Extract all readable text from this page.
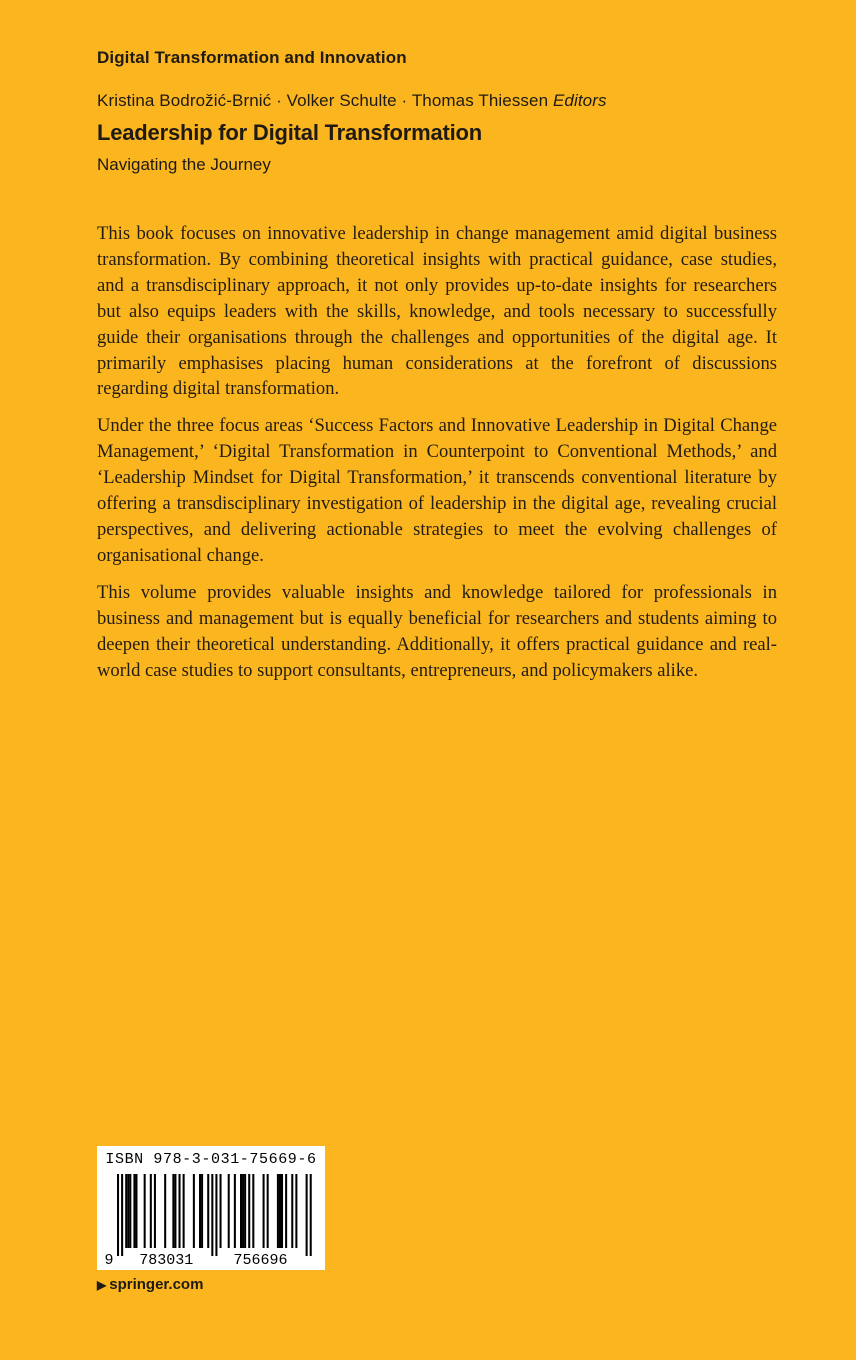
Digital Transformation and Innovation
Kristina Bodrožić-Brnić · Volker Schulte · Thomas Thiessen Editors
Leadership for Digital Transformation
Navigating the Journey

This book focuses on innovative leadership in change management amid digital business transformation. By combining theoretical insights with practical guidance, case studies, and a transdisciplinary approach, it not only provides up-to-date insights for researchers but also equips leaders with the skills, knowledge, and tools necessary to successfully guide their organisations through the challenges and opportunities of the digital age. It primarily emphasises placing human considerations at the forefront of discussions regarding digital transformation.

Under the three focus areas ‘Success Factors and Innovative Leadership in Digital Change Management,’ ‘Digital Transformation in Counterpoint to Conventional Methods,’ and ‘Leadership Mindset for Digital Transformation,’ it transcends conventional literature by offering a transdisciplinary investigation of leadership in the digital age, revealing crucial perspectives, and delivering actionable strategies to meet the evolving challenges of organisational change.

This volume provides valuable insights and knowledge tailored for professionals in business and management but is equally beneficial for researchers and students aiming to deepen their theoretical understanding. Additionally, it offers practical guidance and real-world case studies to support consultants, entrepreneurs, and policymakers alike.

ISBN 978-3-031-75669-6
9 783031	756696
▶ springer.com
